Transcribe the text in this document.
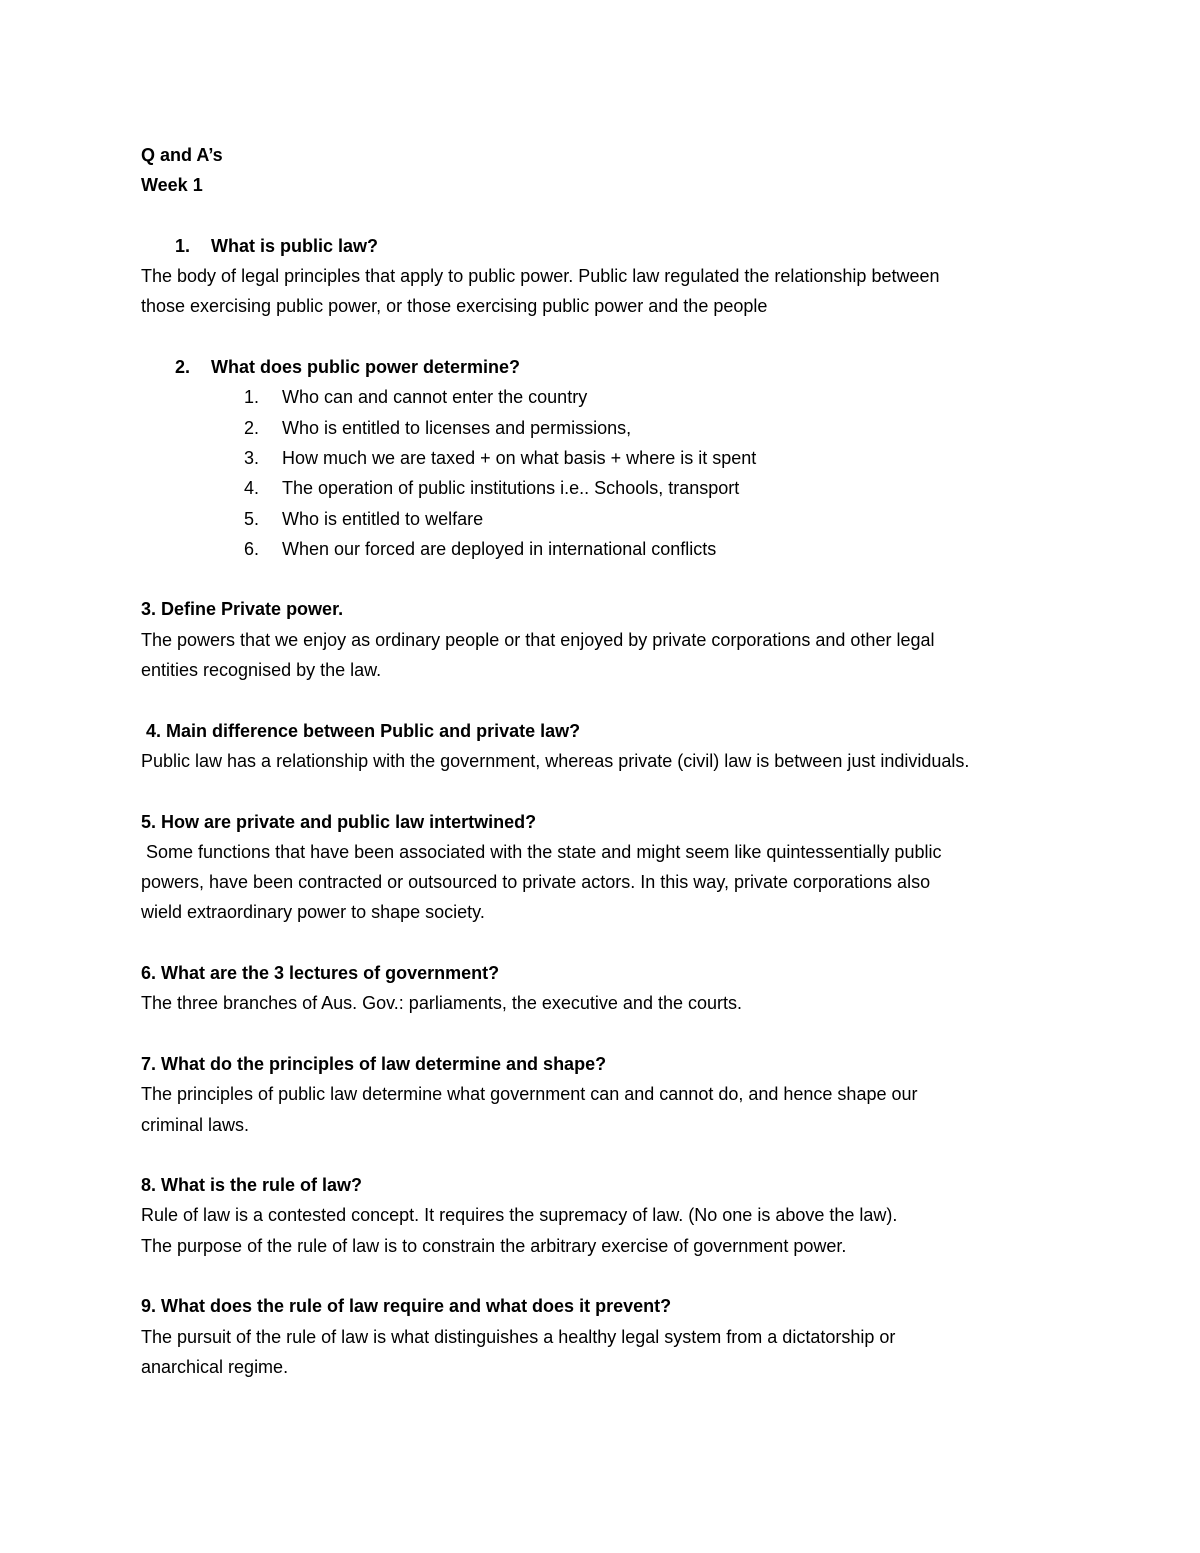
Q and A’s
Week 1
1.	What is public law?
The body of legal principles that apply to public power. Public law regulated the relationship between
those exercising public power, or those exercising public power and the people
2.	What does public power determine?
1.	Who can and cannot enter the country
2.	Who is entitled to licenses and permissions,
3.	How much we are taxed + on what basis + where is it spent
4.	The operation of public institutions i.e.. Schools, transport
5.	Who is entitled to welfare
6.	When our forced are deployed in international conflicts
3. Define Private power.
The powers that we enjoy as ordinary people or that enjoyed by private corporations and other legal
entities recognised by the law.
4. Main difference between Public and private law?
Public law has a relationship with the government, whereas private (civil) law is between just individuals.
5. How are private and public law intertwined?
Some functions that have been associated with the state and might seem like quintessentially public
powers, have been contracted or outsourced to private actors. In this way, private corporations also
wield extraordinary power to shape society.
6. What are the 3 lectures of government?
The three branches of Aus. Gov.: parliaments, the executive and the courts.
7. What do the principles of law determine and shape?
The principles of public law determine what government can and cannot do, and hence shape our
criminal laws.
8. What is the rule of law?
Rule of law is a contested concept. It requires the supremacy of law. (No one is above the law).
The purpose of the rule of law is to constrain the arbitrary exercise of government power.
9. What does the rule of law require and what does it prevent?
The pursuit of the rule of law is what distinguishes a healthy legal system from a dictatorship or
anarchical regime.
